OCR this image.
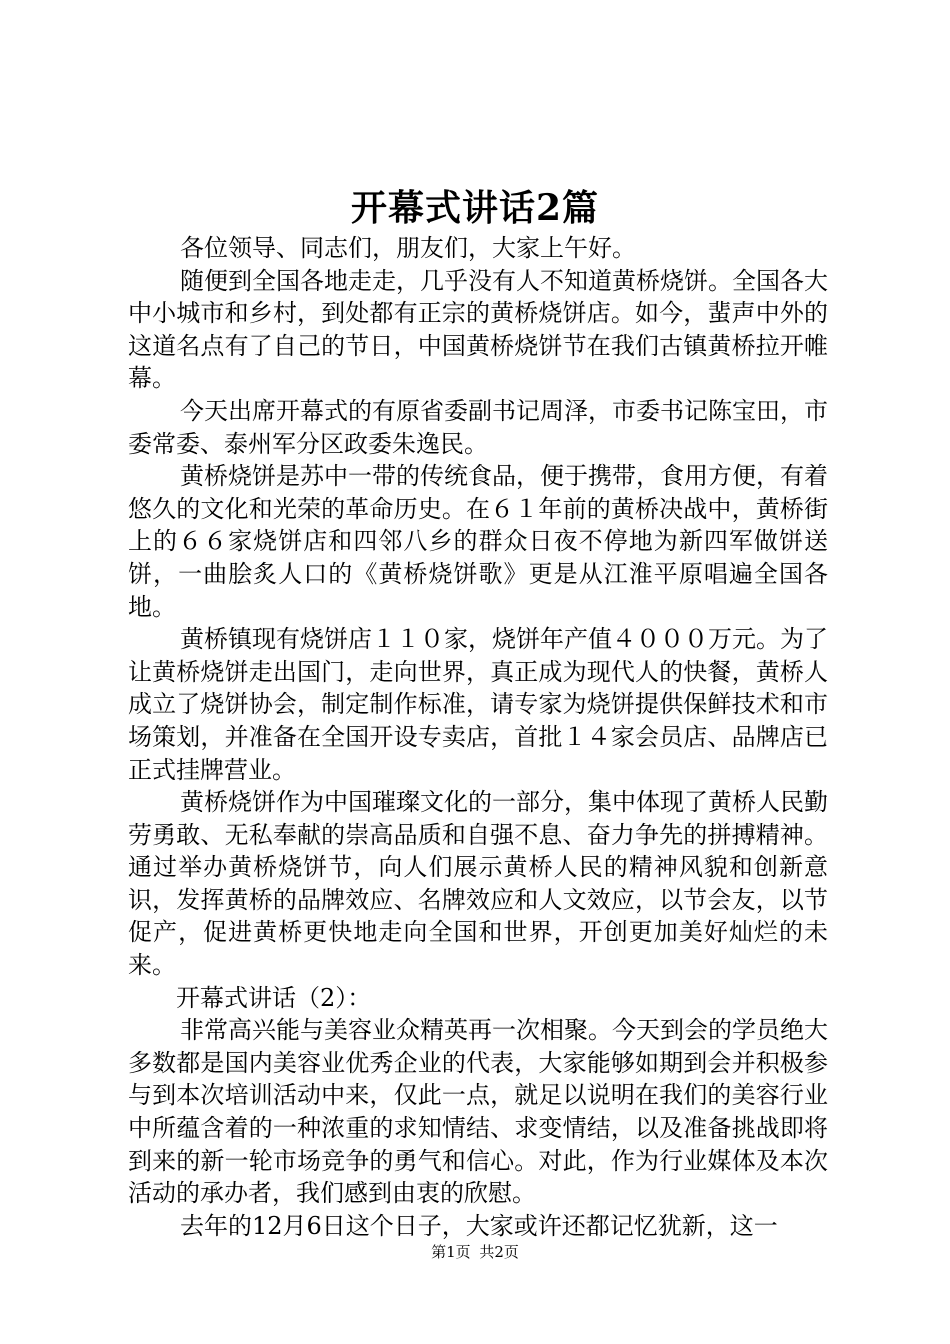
开幕式讲话2篇

各位领导、同志们，朋友们，大家上午好。

随便到全国各地走走，几乎没有人不知道黄桥烧饼。全国各大中小城市和乡村，到处都有正宗的黄桥烧饼店。如今，蜚声中外的这道名点有了自己的节日，中国黄桥烧饼节在我们古镇黄桥拉开帷幕。

今天出席开幕式的有原省委副书记周泽，市委书记陈宝田，市委常委、泰州军分区政委朱逸民。

黄桥烧饼是苏中一带的传统食品，便于携带，食用方便，有着悠久的文化和光荣的革命历史。在６１年前的黄桥决战中，黄桥街上的６６家烧饼店和四邻八乡的群众日夜不停地为新四军做饼送饼，一曲脍炙人口的《黄桥烧饼歌》更是从江淮平原唱遍全国各地。

黄桥镇现有烧饼店１１０家，烧饼年产值４０００万元。为了让黄桥烧饼走出国门，走向世界，真正成为现代人的快餐，黄桥人成立了烧饼协会，制定制作标准，请专家为烧饼提供保鲜技术和市场策划，并准备在全国开设专卖店，首批１４家会员店、品牌店已正式挂牌营业。

黄桥烧饼作为中国璀璨文化的一部分，集中体现了黄桥人民勤劳勇敢、无私奉献的崇高品质和自强不息、奋力争先的拼搏精神。通过举办黄桥烧饼节，向人们展示黄桥人民的精神风貌和创新意识，发挥黄桥的品牌效应、名牌效应和人文效应，以节会友，以节促产，促进黄桥更快地走向全国和世界，开创更加美好灿烂的未来。

开幕式讲话（2）：

非常高兴能与美容业众精英再一次相聚。今天到会的学员绝大多数都是国内美容业优秀企业的代表，大家能够如期到会并积极参与到本次培训活动中来，仅此一点，就足以说明在我们的美容行业中所蕴含着的一种浓重的求知情结、求变情结，以及准备挑战即将到来的新一轮市场竞争的勇气和信心。对此，作为行业媒体及本次活动的承办者，我们感到由衷的欣慰。

去年的12月6日这个日子，大家或许还都记忆犹新，这一

第1页 共2页
